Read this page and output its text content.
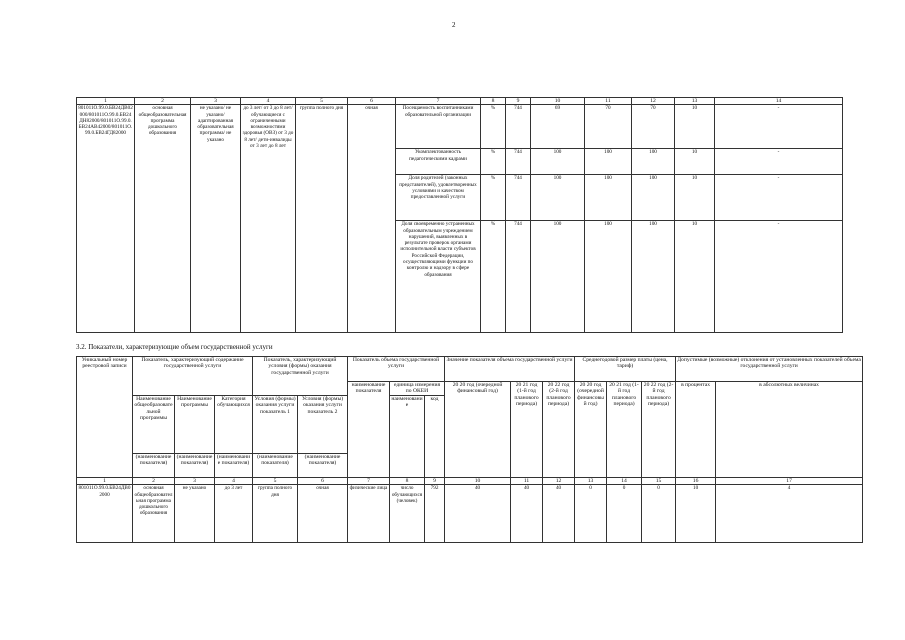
2
1	2	3	4	5	6	7	8	9	10	11	12	13	14
801011О.99.0.БВ24ДВ02000/801011О.99.0.БВ24ДН82000/801011О.99.0.БВ24АВ42000/801011О.99.0.БВ24ГД82000	основная общеобразовательная программа дошкольного образования	не указано/ не указано/ адаптированная образовательная программа/ не указано	до 3 лет/ от 3 до 8 лет/ обучающиеся с ограниченными возможностями здоровья (ОВЗ) от 3 до 8 лет/ дети-инвалиды от 3 лет до 8 лет	группа полного дня	очная	Посещаемость воспитанниками образовательной организации	%	744	69	70	70	10	-
						Укомплектованность педагогическими кадрами	%	744	100	100	100	10	-
						Доля родителей (законных представителей), удовлетворенных условиями и качеством предоставленной услуги	%	744	100	100	100	10	-
						Доля своевременно устраненных образовательным учреждением нарушений, выявленных в результате проверок органами исполнительной власти субъектов Российской Федерации, осуществляющими функции по контролю и надзору в сфере образования	%	744	100	100	100	10	-
3.2. Показатели, характеризующие объем государственной услуги
Уникальный номер реестровой записи	Показатель, характеризующий содержание государственной услуги			Показатель, характеризующий условия (формы) оказания государственной услуги		Показатель объема государственной услуги			Значение показателя объема государственной услуги			Среднегодовой размер платы (цена, тариф)			Допустимые (возможные) отклонения от установленных показателей объема государственной услуги	
						наименование показателя	единица измерения по ОКЕИ		20 20 год (очередной финансовый год)	20 21 год (1-й год планового периода)	20 22 год (2-й год планового периода)	20 20 год (очередной финансовый год)	20 21 год (1-й год планового периода)	20 22 год (2-й год планового периода)	в процентах	в абсолютных величинах
	Наименование общеобразовательной программы	Наименование программы	Категория обучающихся	Условия (формы) оказания услуги показатель 1	Условия (формы) оказания услуги показатель 2		наименование	код								
	(наименование показателя)	(наименование показателя)	(наименование показателя)	(наименование показателя)	(наименование показателя)											
1	2	3	4	5	6	7	8	9	10	11	12	13	14	15	16	17
801011О.99.0.БВ24ДВ02000	основная общеобразовательная программа дошкольного образования	не указано	до 3 лет	группа полного дня	очная	физические лица	число обучающихся (человек)	792	40	40	40	0	0	0	10	4
